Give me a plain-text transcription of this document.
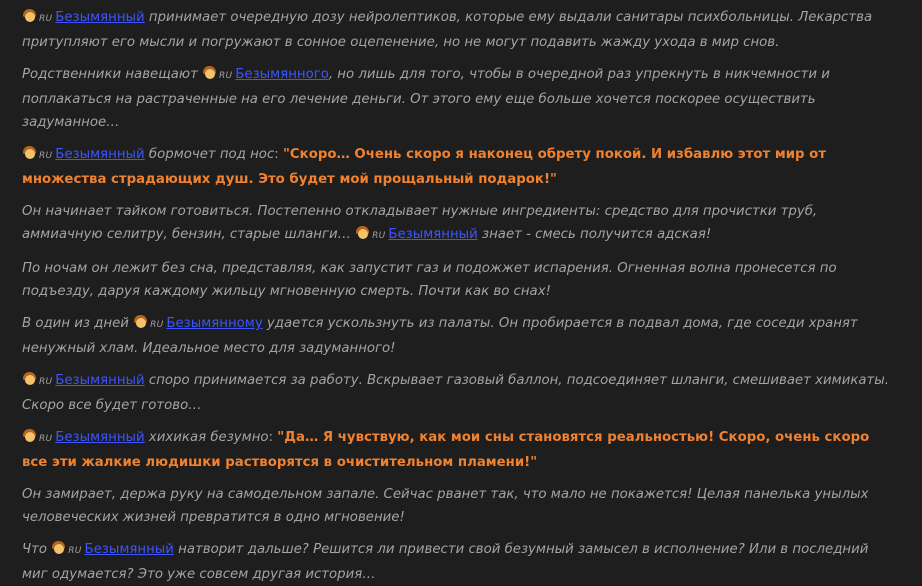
RU Безымянный принимает очередную дозу нейролептиков, которые ему выдали санитары психбольницы. Лекарства притупляют его мысли и погружают в сонное оцепенение, но не могут подавить жажду ухода в мир снов.

Родственники навещают
RU Безымянного, но лишь для того, чтобы в очередной раз упрекнуть в никчемности и поплакаться на растраченные на его лечение деньги. От этого ему еще больше хочется поскорее осуществить задуманное…

RU Безымянный бормочет под нос: "Скоро… Очень скоро я наконец обрету покой. И избавлю этот мир от множества страдающих душ. Это будет мой прощальный подарок!"

Он начинает тайком готовиться. Постепенно откладывает нужные ингредиенты: средство для прочистки труб, аммиачную селитру, бензин, старые шланги…
RU Безымянный знает - смесь получится адская!

По ночам он лежит без сна, представляя, как запустит газ и подожжет испарения. Огненная волна пронесется по подъезду, даруя каждому жильцу мгновенную смерть. Почти как во снах!

В один из дней
RU Безымянному удается ускользнуть из палаты. Он пробирается в подвал дома, где соседи хранят ненужный хлам. Идеальное место для задуманного!

RU Безымянный споро принимается за работу. Вскрывает газовый баллон, подсоединяет шланги, смешивает химикаты. Скоро все будет готово…

RU Безымянный хихикая безумно: "Да… Я чувствую, как мои сны становятся реальностью! Скоро, очень скоро все эти жалкие людишки растворятся в очистительном пламени!"

Он замирает, держа руку на самодельном запале. Сейчас рванет так, что мало не покажется! Целая панелька унылых человеческих жизней превратится в одно мгновение!

Что
RU Безымянный натворит дальше? Решится ли привести свой безумный замысел в исполнение? Или в последний миг одумается? Это уже совсем другая история…
